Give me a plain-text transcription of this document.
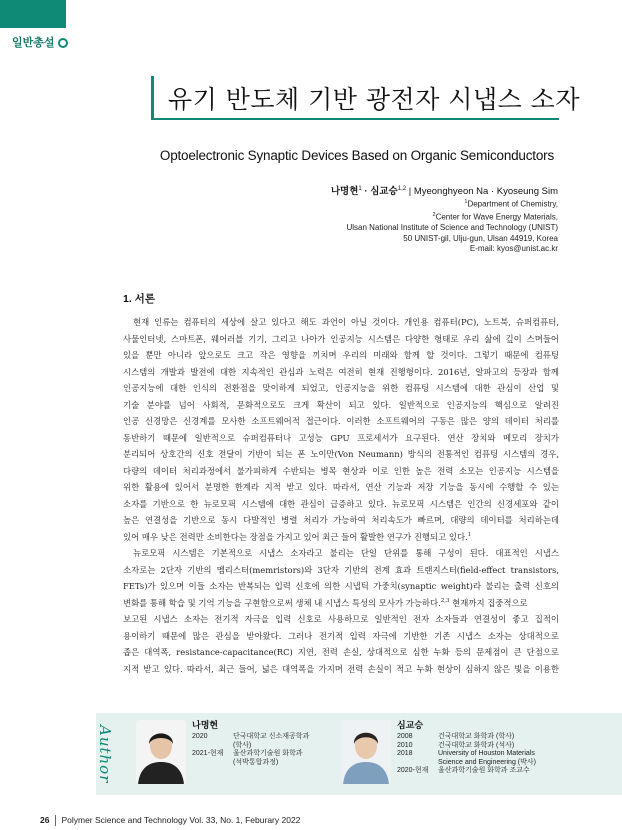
일반총설
유기 반도체 기반 광전자 시냅스 소자
Optoelectronic Synaptic Devices Based on Organic Semiconductors
나명현$^1$ · 심교승$^{1,2}$ | Myeonghyeon Na · Kyoseung Sim
$^1$Department of Chemistry,
$^2$Center for Wave Energy Materials,
Ulsan National Institute of Science and Technology (UNIST)
50 UNIST-gil, Ulju-gun, Ulsan 44919, Korea
E-mail: kyos@unist.ac.kr
1. 서론
현재 인류는 컴퓨터의 세상에 살고 있다고 해도 과언이 아닐 것이다. 개인용 컴퓨터(PC), 노트북, 슈퍼컴퓨터,
사물인터넷, 스마트폰, 웨어러블 기기, 그리고 나아가 인공지능 시스템은 다양한 형태로 우리 삶에 깊이 스며들어
있을 뿐만 아니라 앞으로도 크고 작은 영향을 끼치며 우리의 미래와 함께 할 것이다. 그렇기 때문에 컴퓨팅
시스템의 개발과 발전에 대한 지속적인 관심과 노력은 여전히 현재 진행형이다. 2016년, 알파고의 등장과 함께
인공지능에 대한 인식의 전환점을 맞이하게 되었고, 인공지능을 위한 컴퓨팅 시스템에 대한 관심이 산업 및
기술 분야를 넘어 사회적, 문화적으로도 크게 확산이 되고 있다. 일반적으로 인공지능의 핵심으로 알려진
인공 신경망은 신경계를 모사한 소프트웨어적 접근이다. 이러한 소프트웨어의 구동은 많은 양의 데이터 처리를
동반하기 때문에 일반적으로 슈퍼컴퓨터나 고성능 GPU 프로세서가 요구된다. 연산 장치와 메모리 장치가
분리되어 상호간의 신호 전달이 기반이 되는 폰 노이만(Von Neumann) 방식의 전통적인 컴퓨팅 시스템의 경우,
다량의 데이터 처리과정에서 불가피하게 수반되는 병목 현상과 이로 인한 높은 전력 소모는 인공지능 시스템을
위한 활용에 있어서 분명한 한계라 지적 받고 있다. 따라서, 연산 기능과 저장 기능을 동시에 수행할 수 있는
소자를 기반으로 한 뉴로모픽 시스템에 대한 관심이 급증하고 있다. 뉴로모픽 시스템은 인간의 신경세포와 같이
높은 연결성을 기반으로 동시 다발적인 병렬 처리가 가능하여 처리속도가 빠르며, 대량의 데이터를 처리하는데
있어 매우 낮은 전력만 소비한다는 장점을 가지고 있어 최근 들어 활발한 연구가 진행되고 있다.$^1$
뉴로모픽 시스템은 기본적으로 시냅스 소자라고 불리는 단일 단위를 통해 구성이 된다. 대표적인 시냅스
소자로는 2단자 기반의 멤리스터(memristors)와 3단자 기반의 전계 효과 트랜지스터(field-effect transistors,
FETs)가 있으며 이들 소자는 반복되는 입력 신호에 의한 시냅틱 가중치(synaptic weight)라 불리는 출력 신호의
변화를 통해 학습 및 기억 기능을 구현함으로써 생체 내 시냅스 특성의 모사가 가능하다.$^{2,3}$ 현재까지 집중적으로
보고된 시냅스 소자는 전기적 자극을 입력 신호로 사용하므로 일반적인 전자 소자들과 연결성이 좋고 집적이
용이하기 때문에 많은 관심을 받아왔다. 그러나 전기적 입력 자극에 기반한 기존 시냅스 소자는 상대적으로
좁은 대역폭, resistance-capacitance(RC) 지연, 전력 손실, 상대적으로 심한 누화 등의 문제점이 큰 단점으로
지적 받고 있다. 따라서, 최근 들어, 넓은 대역폭을 가지며 전력 손실이 적고 누화 현상이 심하지 않은 빛을 이용한
Author	나명현
2020	단국대학교 신소재공학과
(학사)
2021-현재	울산과학기술원 화학과
(석박통합과정)
심교승
2008	건국대학교 화학과 (학사)
2010	건국대학교 화학과 (석사)
2018	University of Houston Materials
Science and Engineering (박사)
2020-현재	울산과학기술원 화학과 조교수
26 Polymer Science and Technology Vol. 33, No. 1, Feburary 2022
